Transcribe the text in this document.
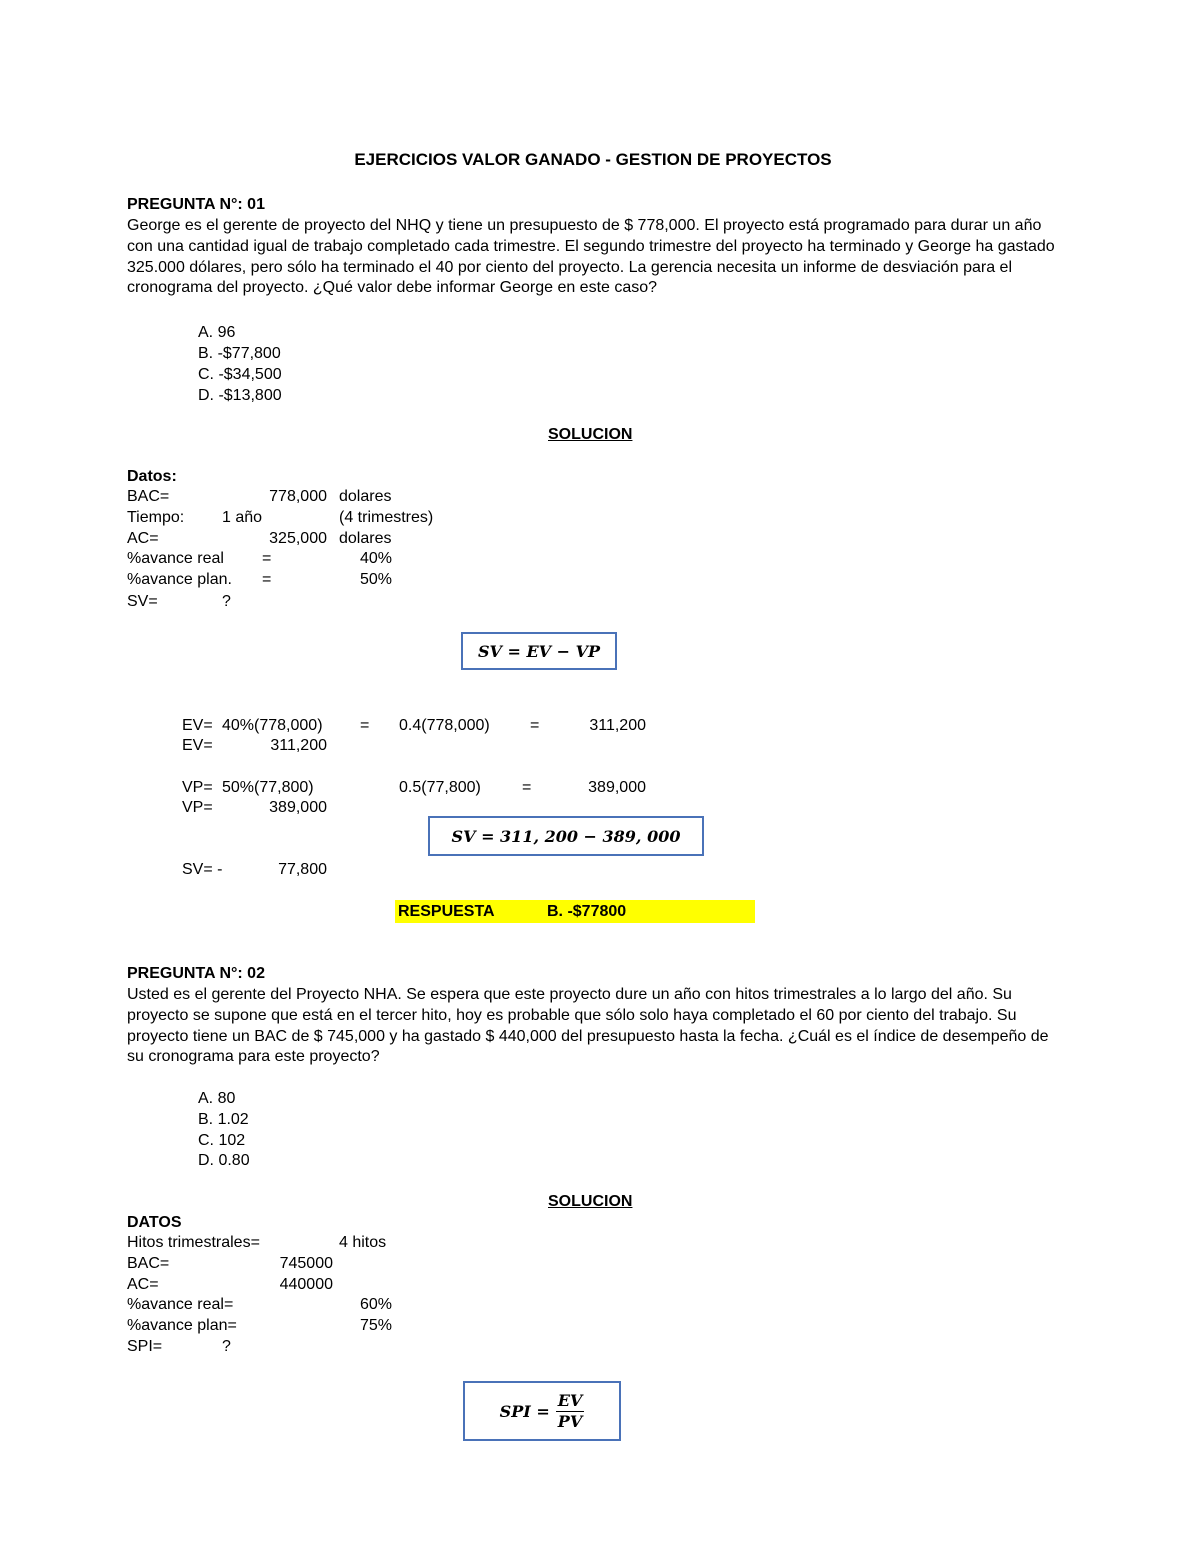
EJERCICIOS VALOR GANADO - GESTION DE PROYECTOS
PREGUNTA N°: 01
George es el gerente de proyecto del NHQ y tiene un presupuesto de $ 778,000. El proyecto está programado para durar un año con una cantidad igual de trabajo completado cada trimestre. El segundo trimestre del proyecto ha terminado y George ha gastado 325.000 dólares, pero sólo ha terminado el 40 por ciento del proyecto. La gerencia necesita un informe de desviación para el cronograma del proyecto. ¿Qué valor debe informar George en este caso?
A. 96
B. -$77,800
C. -$34,500
D. -$13,800
SOLUCION
Datos:
BAC=	778,000 dolares
Tiempo: 1 año	(4 trimestres)
AC=	325,000 dolares
%avance real =	40%
%avance plan. =	50%
SV=	?
SV = EV − VP
EV= 40%(778,000) = 0.4(778,000)	=	311,200
EV=	311,200
VP= 50%(77,800)	0.5(77,800)	=	389,000
VP=	389,000
SV = 311, 200 − 389, 000
SV= -	77,800
RESPUESTA	B. -$77800
PREGUNTA N°: 02
Usted es el gerente del Proyecto NHA. Se espera que este proyecto dure un año con hitos trimestrales a lo largo del año. Su proyecto se supone que está en el tercer hito, hoy es probable que sólo solo haya completado el 60 por ciento del trabajo. Su proyecto tiene un BAC de $ 745,000 y ha gastado $ 440,000 del presupuesto hasta la fecha. ¿Cuál es el índice de desempeño de su cronograma para este proyecto?
A. 80
B. 1.02
C. 102
D. 0.80
SOLUCION
DATOS
Hitos trimestrales=	4 hitos
BAC=	745000
AC=	440000
%avance real=	60%
%avance plan=	75%
SPI=	?
SPI = $\frac{EV}{PV}$
